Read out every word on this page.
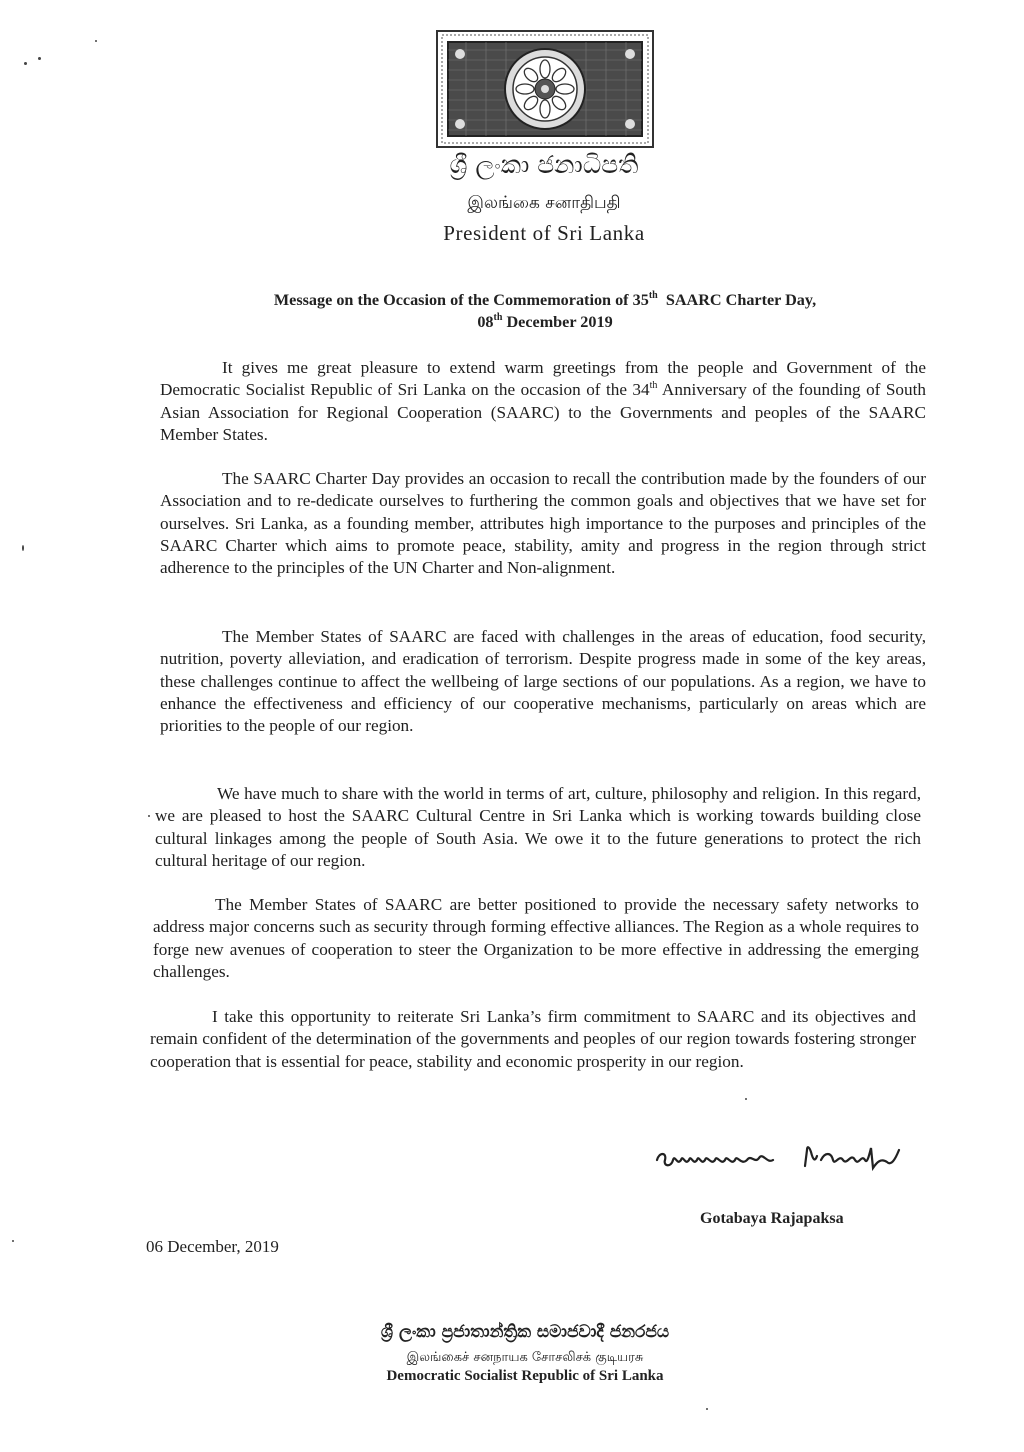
ශ්‍රී ලංකා ජනාධිපති
இலங்கை சனாதிபதி
President of Sri Lanka
Message on the Occasion of the Commemoration of 35th  SAARC Charter Day,
08th December 2019

It gives me great pleasure to extend warm greetings from the people and Government of the Democratic Socialist Republic of Sri Lanka on the occasion of the 34th Anniversary of the founding of South Asian Association for Regional Cooperation (SAARC) to the Governments and peoples of the SAARC Member States.

The SAARC Charter Day provides an occasion to recall the contribution made by the founders of our Association and to re-dedicate ourselves to furthering the common goals and objectives that we have set for ourselves. Sri Lanka, as a founding member, attributes high importance to the purposes and principles of the SAARC Charter which aims to promote peace, stability, amity and progress in the region through strict adherence to the principles of the UN Charter and Non-alignment.

The Member States of SAARC are faced with challenges in the areas of education, food security, nutrition, poverty alleviation, and eradication of terrorism. Despite progress made in some of the key areas, these challenges continue to affect the wellbeing of large sections of our populations. As a region, we have to enhance the effectiveness and efficiency of our cooperative mechanisms, particularly on areas which are priorities to the people of our region.

We have much to share with the world in terms of art, culture, philosophy and religion. In this regard, we are pleased to host the SAARC Cultural Centre in Sri Lanka which is working towards building close cultural linkages among the people of South Asia. We owe it to the future generations to protect the rich cultural heritage of our region.

The Member States of SAARC are better positioned to provide the necessary safety networks to address major concerns such as security through forming effective alliances. The Region as a whole requires to forge new avenues of cooperation to steer the Organization to be more effective in addressing the emerging challenges.

I take this opportunity to reiterate Sri Lanka’s firm commitment to SAARC and its objectives and remain confident of the determination of the governments and peoples of our region towards fostering stronger cooperation that is essential for peace, stability and economic prosperity in our region.

Gotabaya Rajapaksa
06 December, 2019
ශ්‍රී ලංකා ප්‍රජාතාන්ත්‍රික සමාජවාදී ජනරජය
இலங்கைச் சனநாயக சோசலிசக் குடியரசு
Democratic Socialist Republic of Sri Lanka
